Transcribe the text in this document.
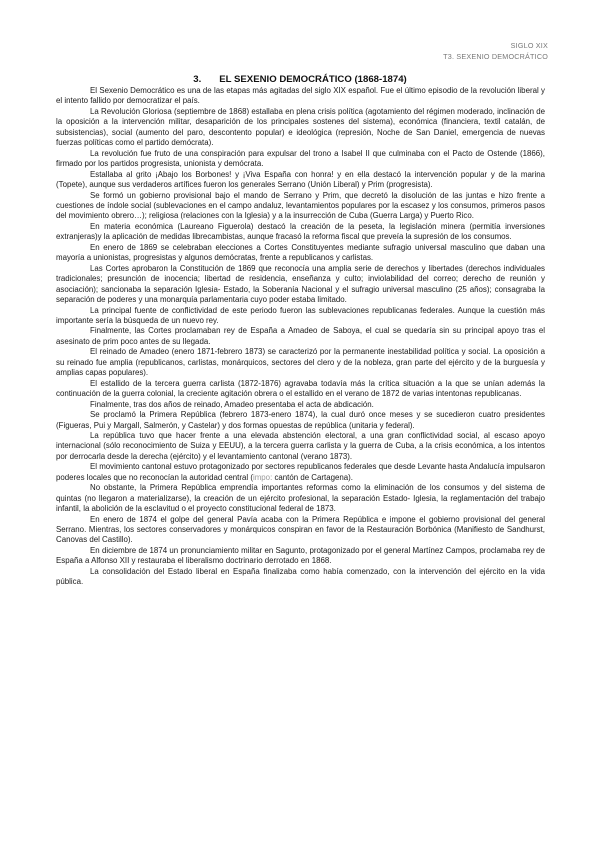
SIGLO XIX
T3. SEXENIO DEMOCRÁTICO
3. EL SEXENIO DEMOCRÁTICO (1868-1874)

El Sexenio Democrático es una de las etapas más agitadas del siglo XIX español. Fue el último episodio de la revolución liberal y el intento fallido por democratizar el país.

La Revolución Gloriosa (septiembre de 1868) estallaba en plena crisis política (agotamiento del régimen moderado, inclinación de la oposición a la intervención militar, desaparición de los principales sostenes del sistema), económica (financiera, textil catalán, de subsistencias), social (aumento del paro, descontento popular) e ideológica (represión, Noche de San Daniel, emergencia de nuevas fuerzas políticas como el partido demócrata).

La revolución fue fruto de una conspiración para expulsar del trono a Isabel II que culminaba con el Pacto de Ostende (1866), firmado por los partidos progresista, unionista y demócrata.

Estallaba al grito ¡Abajo los Borbones! y ¡Viva España con honra! y en ella destacó la intervención popular y de la marina (Topete), aunque sus verdaderos artífices fueron los generales Serrano (Unión Liberal) y Prim (progresista).

Se formó un gobierno provisional bajo el mando de Serrano y Prim, que decretó la disolución de las juntas e hizo frente a cuestiones de índole social (sublevaciones en el campo andaluz, levantamientos populares por la escasez y los consumos, primeros pasos del movimiento obrero…); religiosa (relaciones con la Iglesia) y a la insurrección de Cuba (Guerra Larga) y Puerto Rico.

En materia económica (Laureano Figuerola) destacó la creación de la peseta, la legislación minera (permitía inversiones extranjeras)y la aplicación de medidas librecambistas, aunque fracasó la reforma fiscal que preveía la supresión de los consumos.

En enero de 1869 se celebraban elecciones a Cortes Constituyentes mediante sufragio universal masculino que daban una mayoría a unionistas, progresistas y algunos demócratas, frente a republicanos y carlistas.

Las Cortes aprobaron la Constitución de 1869 que reconocía una amplia serie de derechos y libertades (derechos individuales tradicionales; presunción de inocencia; libertad de residencia, enseñanza y culto; inviolabilidad del correo; derecho de reunión y asociación); sancionaba la separación Iglesia- Estado, la Soberanía Nacional y el sufragio universal masculino (25 años); consagraba la separación de poderes y una monarquía parlamentaria cuyo poder estaba limitado.

La principal fuente de conflictividad de este periodo fueron las sublevaciones republicanas federales. Aunque la cuestión más importante sería la búsqueda de un nuevo rey.

Finalmente, las Cortes proclamaban rey de España a Amadeo de Saboya, el cual se quedaría sin su principal apoyo tras el asesinato de prim poco antes de su llegada.

El reinado de Amadeo (enero 1871-febrero 1873) se caracterizó por la permanente inestabilidad política y social. La oposición a su reinado fue amplia (republicanos, carlistas, monárquicos, sectores del clero y de la nobleza, gran parte del ejército y de la burguesía y amplias capas populares).

El estallido de la tercera guerra carlista (1872-1876) agravaba todavía más la crítica situación a la que se unían además la continuación de la guerra colonial, la creciente agitación obrera o el estallido en el verano de 1872 de varias intentonas republicanas.

Finalmente, tras dos años de reinado, Amadeo presentaba el acta de abdicación.

Se proclamó la Primera República (febrero 1873-enero 1874), la cual duró once meses y se sucedieron cuatro presidentes (Figueras, Pui y Margall, Salmerón, y Castelar) y dos formas opuestas de república (unitaria y federal).

La república tuvo que hacer frente a una elevada abstención electoral, a una gran conflictividad social, al escaso apoyo internacional (sólo reconocimiento de Suiza y EEUU), a la tercera guerra carlista y la guerra de Cuba, a la crisis económica, a los intentos por derrocarla desde la derecha (ejército) y el levantamiento cantonal (verano 1873).

El movimiento cantonal estuvo protagonizado por sectores republicanos federales que desde Levante hasta Andalucía impulsaron poderes locales que no reconocían la autoridad central (impo: cantón de Cartagena).

No obstante, la Primera República emprendía importantes reformas como la eliminación de los consumos y del sistema de quintas (no llegaron a materializarse), la creación de un ejército profesional, la separación Estado- Iglesia, la reglamentación del trabajo infantil, la abolición de la esclavitud o el proyecto constitucional federal de 1873.

En enero de 1874 el golpe del general Pavía acaba con la Primera República e impone el gobierno provisional del general Serrano. Mientras, los sectores conservadores y monárquicos conspiran en favor de la Restauración Borbónica (Manifiesto de Sandhurst, Canovas del Castillo).

En diciembre de 1874 un pronunciamiento militar en Sagunto, protagonizado por el general Martínez Campos, proclamaba rey de España a Alfonso XII y restauraba el liberalismo doctrinario derrotado en 1868.

La consolidación del Estado liberal en España finalizaba como había comenzado, con la intervención del ejército en la vida pública.
